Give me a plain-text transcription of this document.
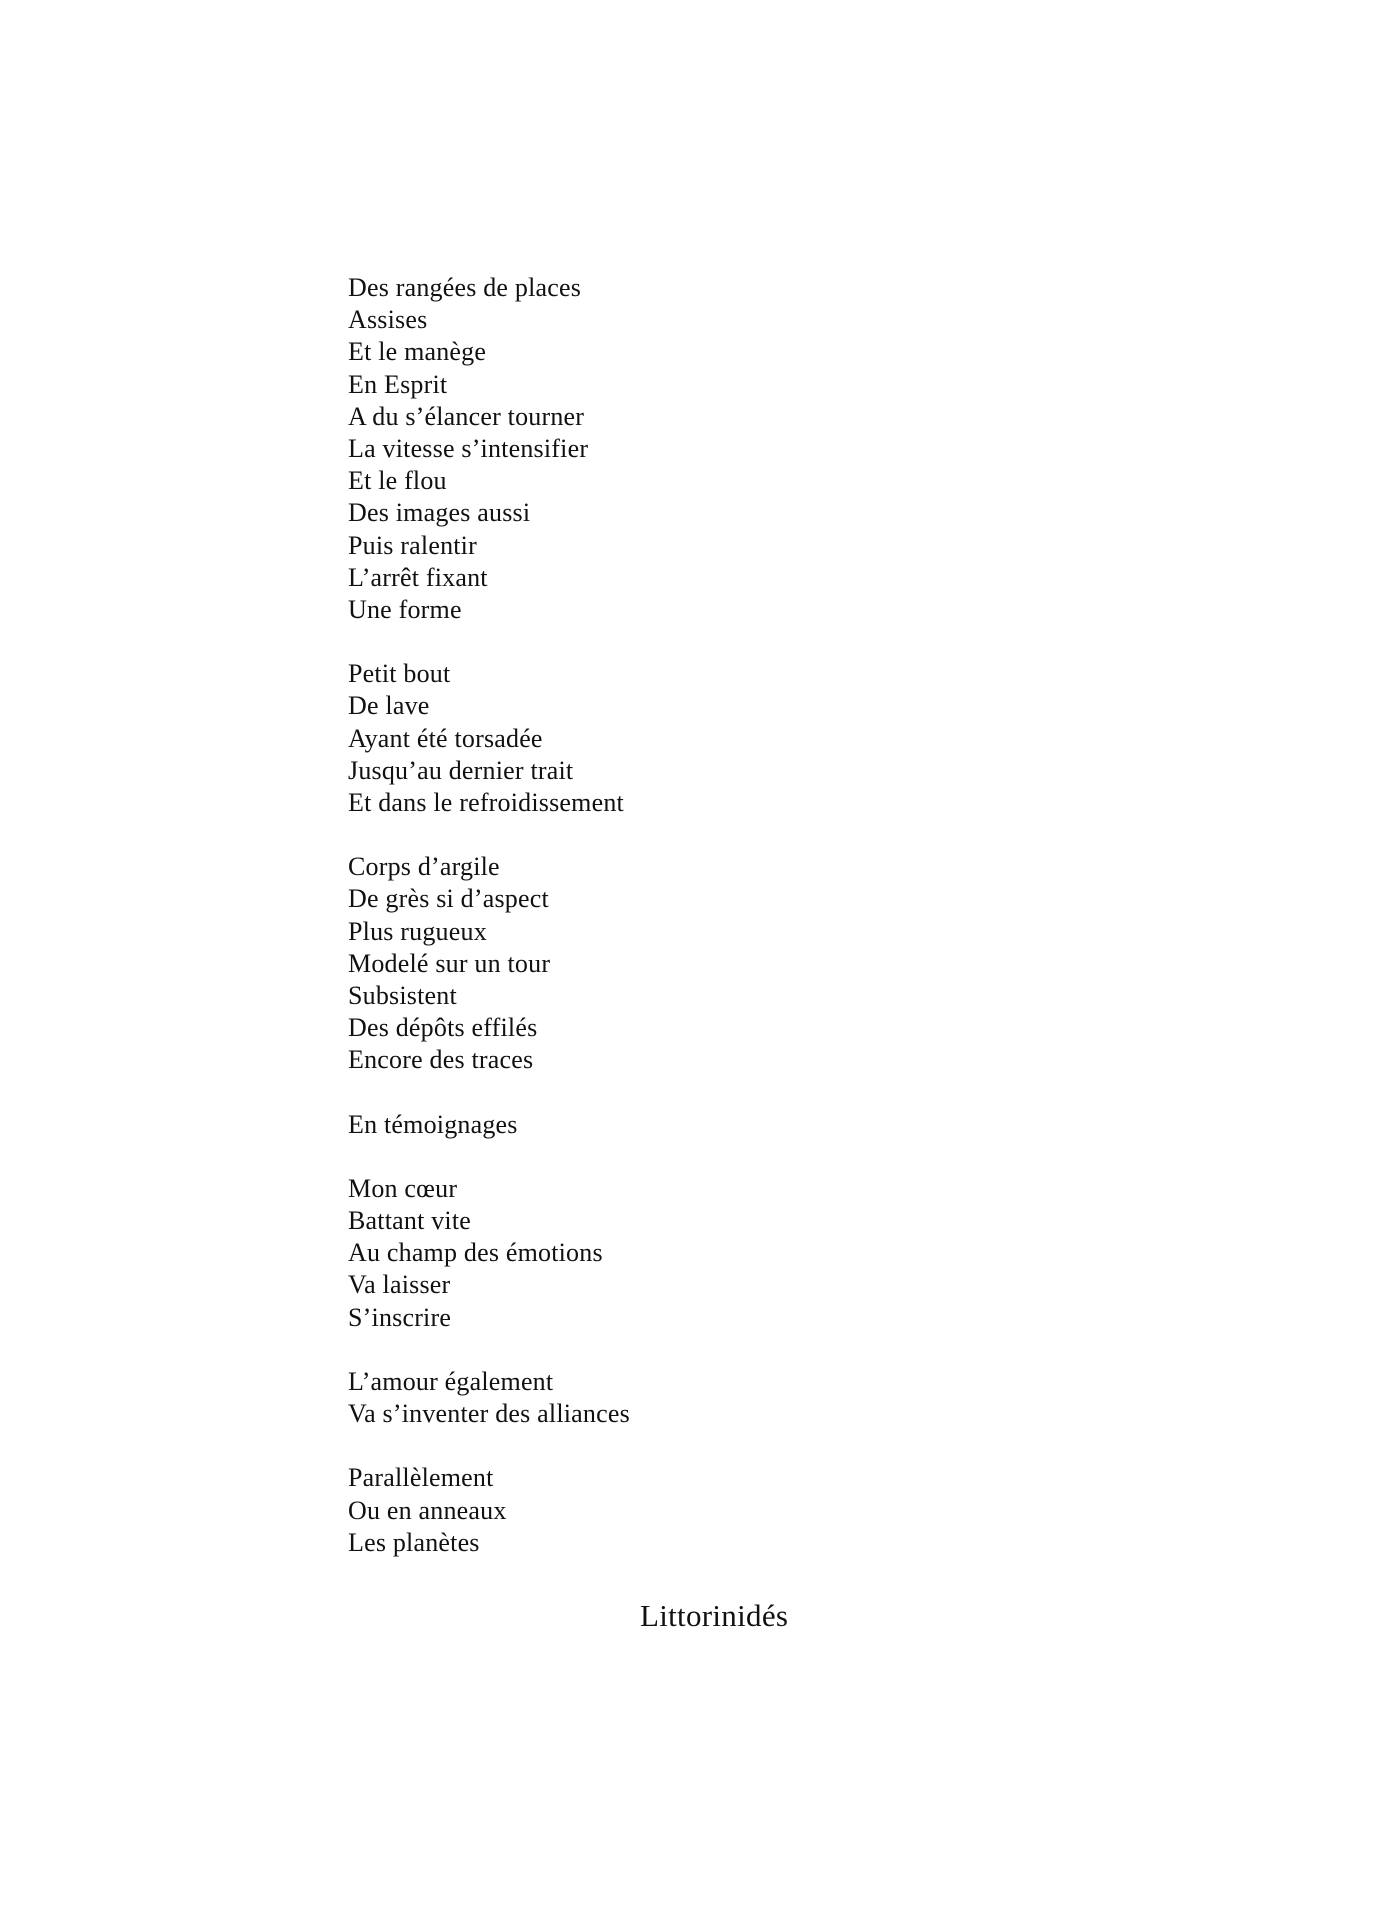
Des rangées de places
Assises
Et le manège
En Esprit
A du s’élancer tourner
La vitesse s’intensifier
Et le flou
Des images aussi
Puis ralentir
L’arrêt fixant
Une forme
Petit bout
De lave
Ayant été torsadée
Jusqu’au dernier trait
Et dans le refroidissement
Corps d’argile
De grès si d’aspect
Plus rugueux
Modelé sur un tour
Subsistent
Des dépôts effilés
Encore des traces
En témoignages
Mon cœur
Battant vite
Au champ des émotions
Va laisser
S’inscrire
L’amour également
Va s’inventer des alliances
Parallèlement
Ou en anneaux
Les planètes
Littorinidés
